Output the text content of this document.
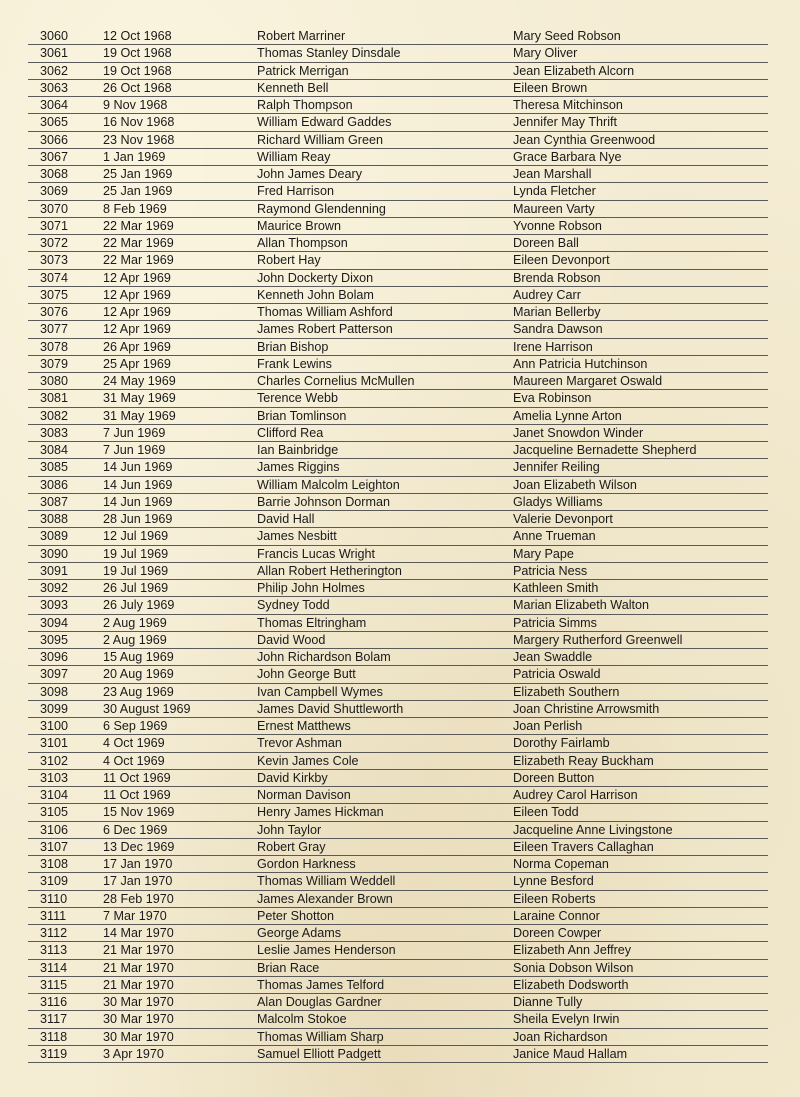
3060	12 Oct 1968	Robert Marriner	Mary Seed Robson
3061	19 Oct 1968	Thomas Stanley Dinsdale	Mary Oliver
3062	19 Oct 1968	Patrick Merrigan	Jean Elizabeth Alcorn
3063	26 Oct 1968	Kenneth Bell	Eileen Brown
3064	9 Nov 1968	Ralph Thompson	Theresa Mitchinson
3065	16 Nov 1968	William Edward Gaddes	Jennifer May Thrift
3066	23 Nov 1968	Richard William Green	Jean Cynthia Greenwood
3067	1 Jan 1969	William Reay	Grace Barbara Nye
3068	25 Jan 1969	John James Deary	Jean Marshall
3069	25 Jan 1969	Fred Harrison	Lynda Fletcher
3070	8 Feb 1969	Raymond Glendenning	Maureen Varty
3071	22 Mar 1969	Maurice Brown	Yvonne Robson
3072	22 Mar 1969	Allan Thompson	Doreen Ball
3073	22 Mar 1969	Robert Hay	Eileen Devonport
3074	12 Apr 1969	John Dockerty Dixon	Brenda Robson
3075	12 Apr 1969	Kenneth John Bolam	Audrey Carr
3076	12 Apr 1969	Thomas William Ashford	Marian Bellerby
3077	12 Apr 1969	James Robert Patterson	Sandra Dawson
3078	26 Apr 1969	Brian Bishop	Irene Harrison
3079	25 Apr 1969	Frank Lewins	Ann Patricia Hutchinson
3080	24 May 1969	Charles Cornelius McMullen	Maureen Margaret Oswald
3081	31 May 1969	Terence Webb	Eva Robinson
3082	31 May 1969	Brian Tomlinson	Amelia Lynne Arton
3083	7 Jun 1969	Clifford Rea	Janet Snowdon Winder
3084	7 Jun 1969	Ian Bainbridge	Jacqueline Bernadette Shepherd
3085	14 Jun 1969	James Riggins	Jennifer Reiling
3086	14 Jun 1969	William Malcolm Leighton	Joan Elizabeth Wilson
3087	14 Jun 1969	Barrie Johnson Dorman	Gladys Williams
3088	28 Jun 1969	David Hall	Valerie Devonport
3089	12 Jul 1969	James Nesbitt	Anne Trueman
3090	19 Jul 1969	Francis Lucas Wright	Mary Pape
3091	19 Jul 1969	Allan Robert Hetherington	Patricia Ness
3092	26 Jul 1969	Philip John Holmes	Kathleen Smith
3093	26 July 1969	Sydney Todd	Marian Elizabeth Walton
3094	2 Aug 1969	Thomas Eltringham	Patricia Simms
3095	2 Aug 1969	David Wood	Margery Rutherford Greenwell
3096	15 Aug 1969	John Richardson Bolam	Jean Swaddle
3097	20 Aug 1969	John George Butt	Patricia Oswald
3098	23 Aug 1969	Ivan Campbell Wymes	Elizabeth Southern
3099	30 August 1969	James David Shuttleworth	Joan Christine Arrowsmith
3100	6 Sep 1969	Ernest Matthews	Joan Perlish
3101	4 Oct 1969	Trevor Ashman	Dorothy Fairlamb
3102	4 Oct 1969	Kevin James Cole	Elizabeth Reay Buckham
3103	11 Oct 1969	David Kirkby	Doreen Button
3104	11 Oct 1969	Norman Davison	Audrey Carol Harrison
3105	15 Nov 1969	Henry James Hickman	Eileen Todd
3106	6 Dec 1969	John Taylor	Jacqueline Anne Livingstone
3107	13 Dec 1969	Robert Gray	Eileen Travers Callaghan
3108	17 Jan 1970	Gordon Harkness	Norma Copeman
3109	17 Jan 1970	Thomas William Weddell	Lynne Besford
3110	28 Feb 1970	James Alexander Brown	Eileen Roberts
3111	7 Mar 1970	Peter Shotton	Laraine Connor
3112	14 Mar 1970	George Adams	Doreen Cowper
3113	21 Mar 1970	Leslie James Henderson	Elizabeth Ann Jeffrey
3114	21 Mar 1970	Brian Race	Sonia Dobson Wilson
3115	21 Mar 1970	Thomas James Telford	Elizabeth Dodsworth
3116	30 Mar 1970	Alan Douglas Gardner	Dianne Tully
3117	30 Mar 1970	Malcolm Stokoe	Sheila Evelyn Irwin
3118	30 Mar 1970	Thomas William Sharp	Joan Richardson
3119	3 Apr 1970	Samuel Elliott Padgett	Janice Maud Hallam
